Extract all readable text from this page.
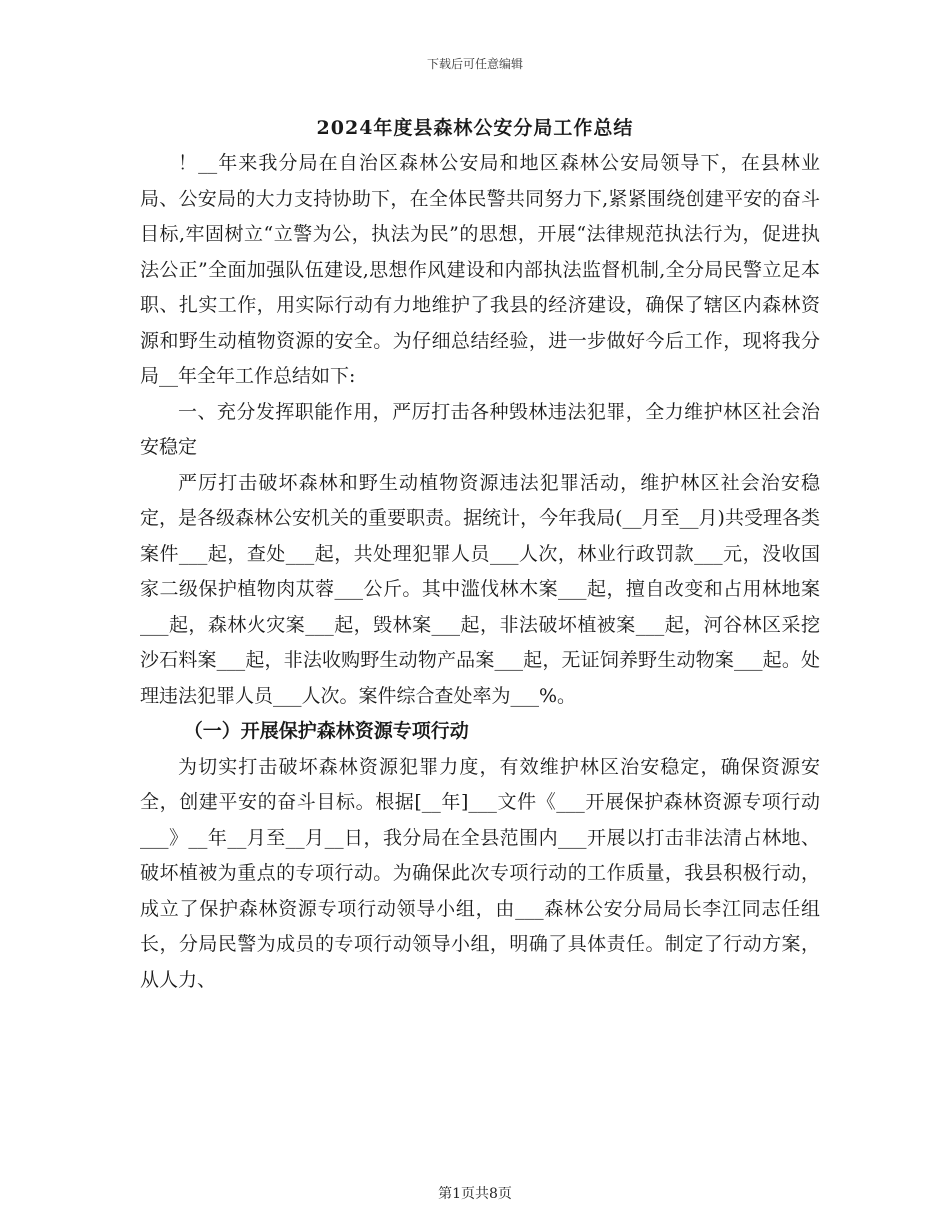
下载后可任意编辑
2024年度县森林公安分局工作总结

！__年来我分局在自治区森林公安局和地区森林公安局领导下，在县林业局、公安局的大力支持协助下，在全体民警共同努力下,紧紧围绕创建平安的奋斗目标,牢固树立“立警为公，执法为民”的思想，开展“法律规范执法行为，促进执法公正”全面加强队伍建设,思想作风建设和内部执法监督机制,全分局民警立足本职、扎实工作，用实际行动有力地维护了我县的经济建设，确保了辖区内森林资源和野生动植物资源的安全。为仔细总结经验，进一步做好今后工作，现将我分局__年全年工作总结如下:

一、充分发挥职能作用，严厉打击各种毁林违法犯罪，全力维护林区社会治安稳定

严厉打击破坏森林和野生动植物资源违法犯罪活动，维护林区社会治安稳定，是各级森林公安机关的重要职责。据统计，今年我局(__月至__月)共受理各类案件___起，查处___起，共处理犯罪人员___人次，林业行政罚款___元，没收国家二级保护植物肉苁蓉___公斤。其中滥伐林木案___起，擅自改变和占用林地案___起，森林火灾案___起，毁林案___起，非法破坏植被案___起，河谷林区采挖沙石料案___起，非法收购野生动物产品案___起，无证饲养野生动物案___起。处理违法犯罪人员___人次。案件综合查处率为___%。

（一）开展保护森林资源专项行动

为切实打击破坏森林资源犯罪力度，有效维护林区治安稳定，确保资源安全，创建平安的奋斗目标。根据[__年]___文件《___开展保护森林资源专项行动___》__年__月至__月__日，我分局在全县范围内___开展以打击非法清占林地、破坏植被为重点的专项行动。为确保此次专项行动的工作质量，我县积极行动，成立了保护森林资源专项行动领导小组，由___森林公安分局局长李江同志任组长，分局民警为成员的专项行动领导小组，明确了具体责任。制定了行动方案，从人力、

第1页共8页
